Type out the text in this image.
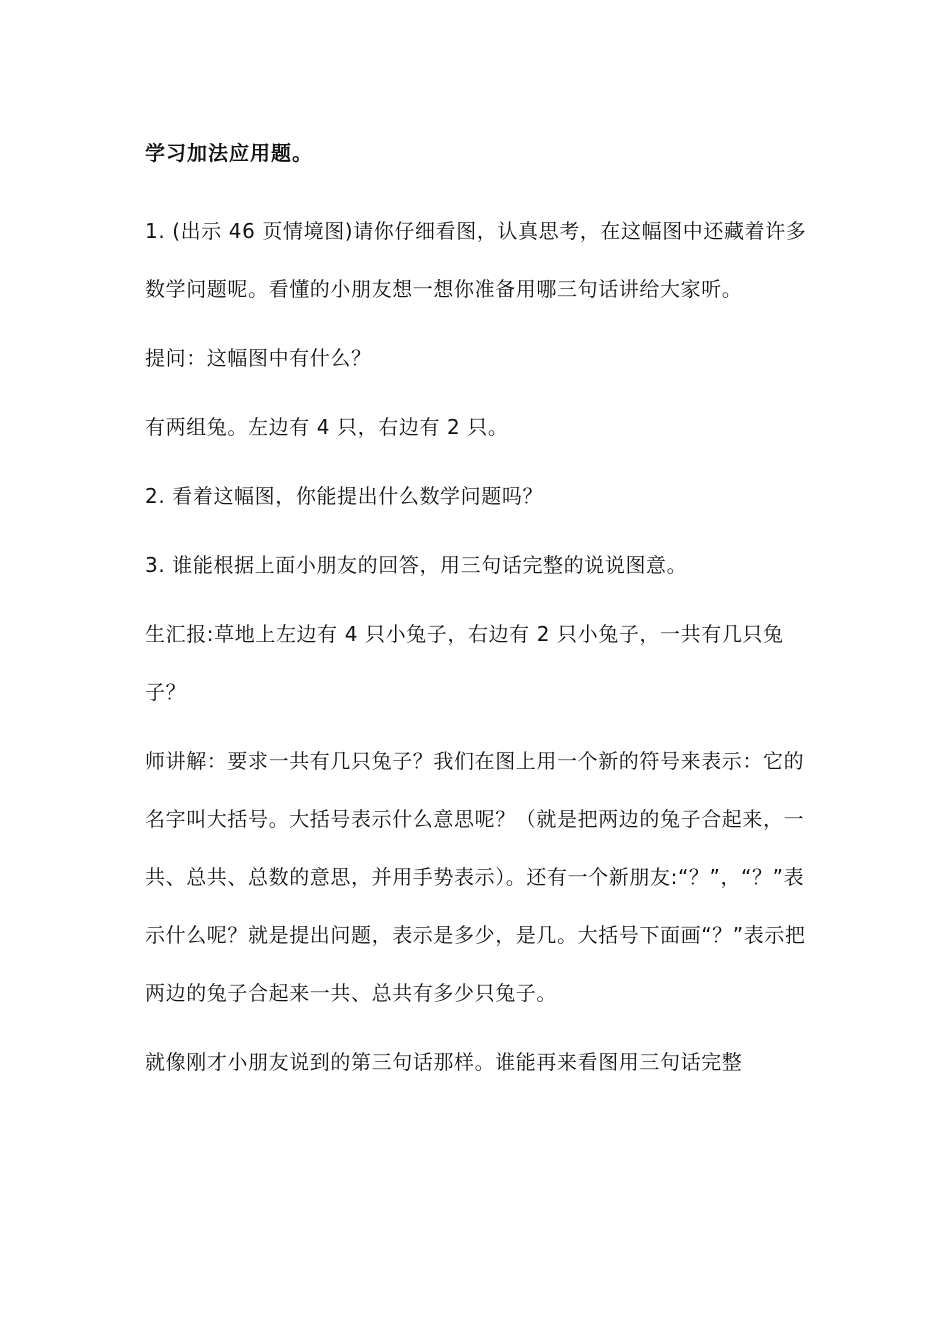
学习加法应用题。
1. (出示 46 页情境图)请你仔细看图，认真思考，在这幅图中还藏着许多数学问题呢。看懂的小朋友想一想你准备用哪三句话讲给大家听。
提问：这幅图中有什么？
有两组兔。左边有 4 只，右边有 2 只。
2. 看着这幅图，你能提出什么数学问题吗？
3. 谁能根据上面小朋友的回答，用三句话完整的说说图意。
生汇报:草地上左边有 4 只小兔子，右边有 2 只小兔子，一共有几只兔子？
师讲解：要求一共有几只兔子？我们在图上用一个新的符号来表示：它的名字叫大括号。大括号表示什么意思呢？（就是把两边的兔子合起来，一共、总共、总数的意思，并用手势表示）。还有一个新朋友:“？”，“？”表示什么呢？就是提出问题，表示是多少，是几。大括号下面画“？”表示把两边的兔子合起来一共、总共有多少只兔子。
就像刚才小朋友说到的第三句话那样。谁能再来看图用三句话完整
